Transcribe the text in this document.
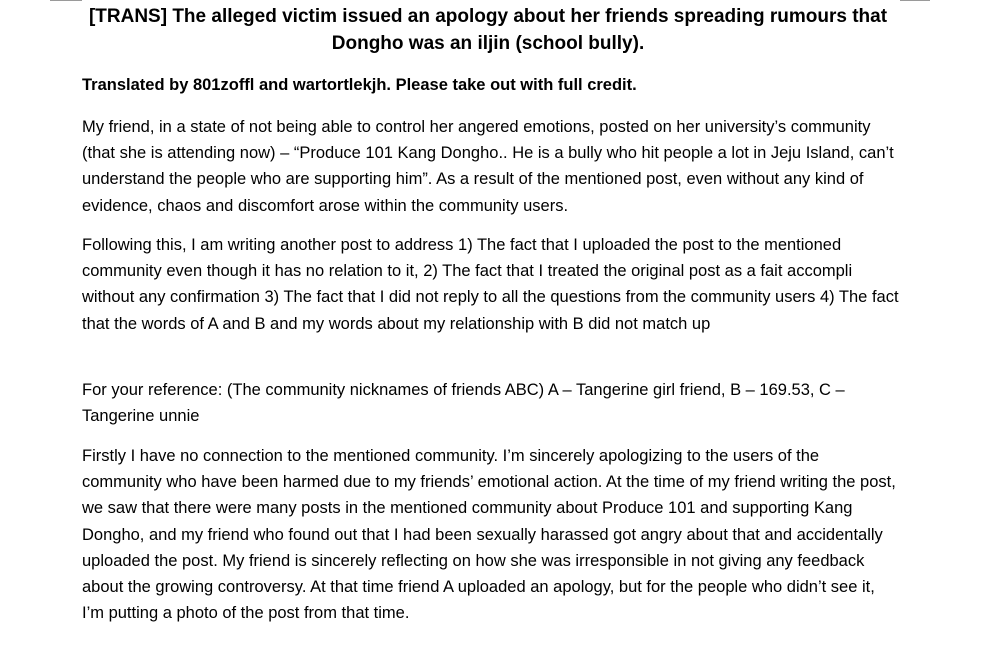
[TRANS] The alleged victim issued an apology about her friends spreading rumours that Dongho was an iljin (school bully).

Translated by 801zoffl and wartortlekjh. Please take out with full credit.

My friend, in a state of not being able to control her angered emotions, posted on her university’s community (that she is attending now) – “Produce 101 Kang Dongho.. He is a bully who hit people a lot in Jeju Island, can’t understand the people who are supporting him”. As a result of the mentioned post, even without any kind of evidence, chaos and discomfort arose within the community users.

Following this, I am writing another post to address 1) The fact that I uploaded the post to the mentioned community even though it has no relation to it, 2) The fact that I treated the original post as a fait accompli without any confirmation 3) The fact that I did not reply to all the questions from the community users 4) The fact that the words of A and B and my words about my relationship with B did not match up

For your reference: (The community nicknames of friends ABC) A – Tangerine girl friend, B – 169.53, C – Tangerine unnie

Firstly I have no connection to the mentioned community. I’m sincerely apologizing to the users of the community who have been harmed due to my friends’ emotional action. At the time of my friend writing the post, we saw that there were many posts in the mentioned community about Produce 101 and supporting Kang Dongho, and my friend who found out that I had been sexually harassed got angry about that and accidentally uploaded the post. My friend is sincerely reflecting on how she was irresponsible in not giving any feedback about the growing controversy. At that time friend A uploaded an apology, but for the people who didn’t see it, I’m putting a photo of the post from that time.
